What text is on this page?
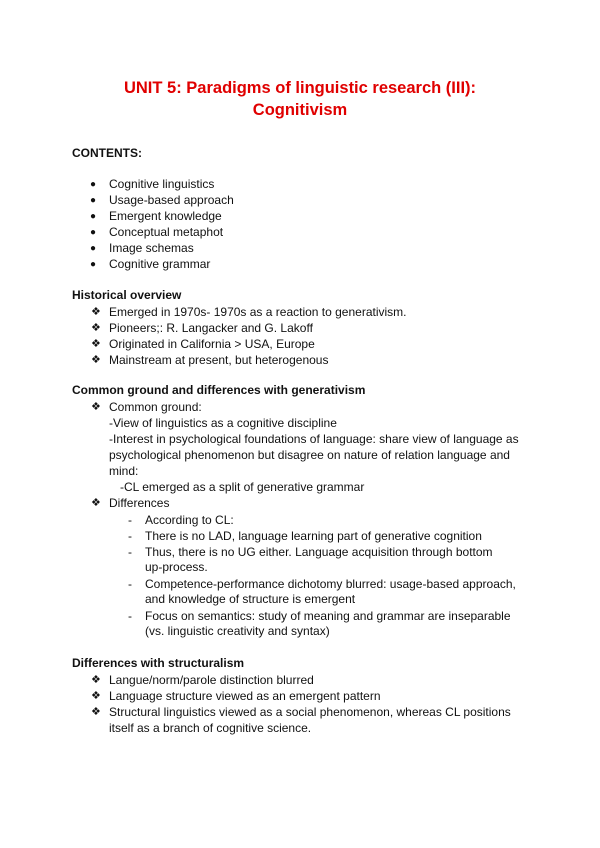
UNIT 5: Paradigms of linguistic research (III):
Cognitivism
CONTENTS:
● Cognitive linguistics
● Usage-based approach
● Emergent knowledge
● Conceptual metaphot
● Image schemas
● Cognitive grammar
Historical overview
❖ Emerged in 1970s- 1970s as a reaction to generativism.
❖ Pioneers;: R. Langacker and G. Lakoff
❖ Originated in California > USA, Europe
❖ Mainstream at present, but heterogenous
Common ground and differences with generativism
❖ Common ground:
-View of linguistics as a cognitive discipline
-Interest in psychological foundations of language: share view of language as
psychological phenomenon but disagree on nature of relation language and
mind:
-CL emerged as a split of generative grammar
❖ Differences
- According to CL:
- There is no LAD, language learning part of generative cognition
- Thus, there is no UG either. Language acquisition through bottom
up-process.
- Competence-performance dichotomy blurred: usage-based approach,
and knowledge of structure is emergent
- Focus on semantics: study of meaning and grammar are inseparable
(vs. linguistic creativity and syntax)
Differences with structuralism
❖ Langue/norm/parole distinction blurred
❖ Language structure viewed as an emergent pattern
❖ Structural linguistics viewed as a social phenomenon, whereas CL positions
itself as a branch of cognitive science.
